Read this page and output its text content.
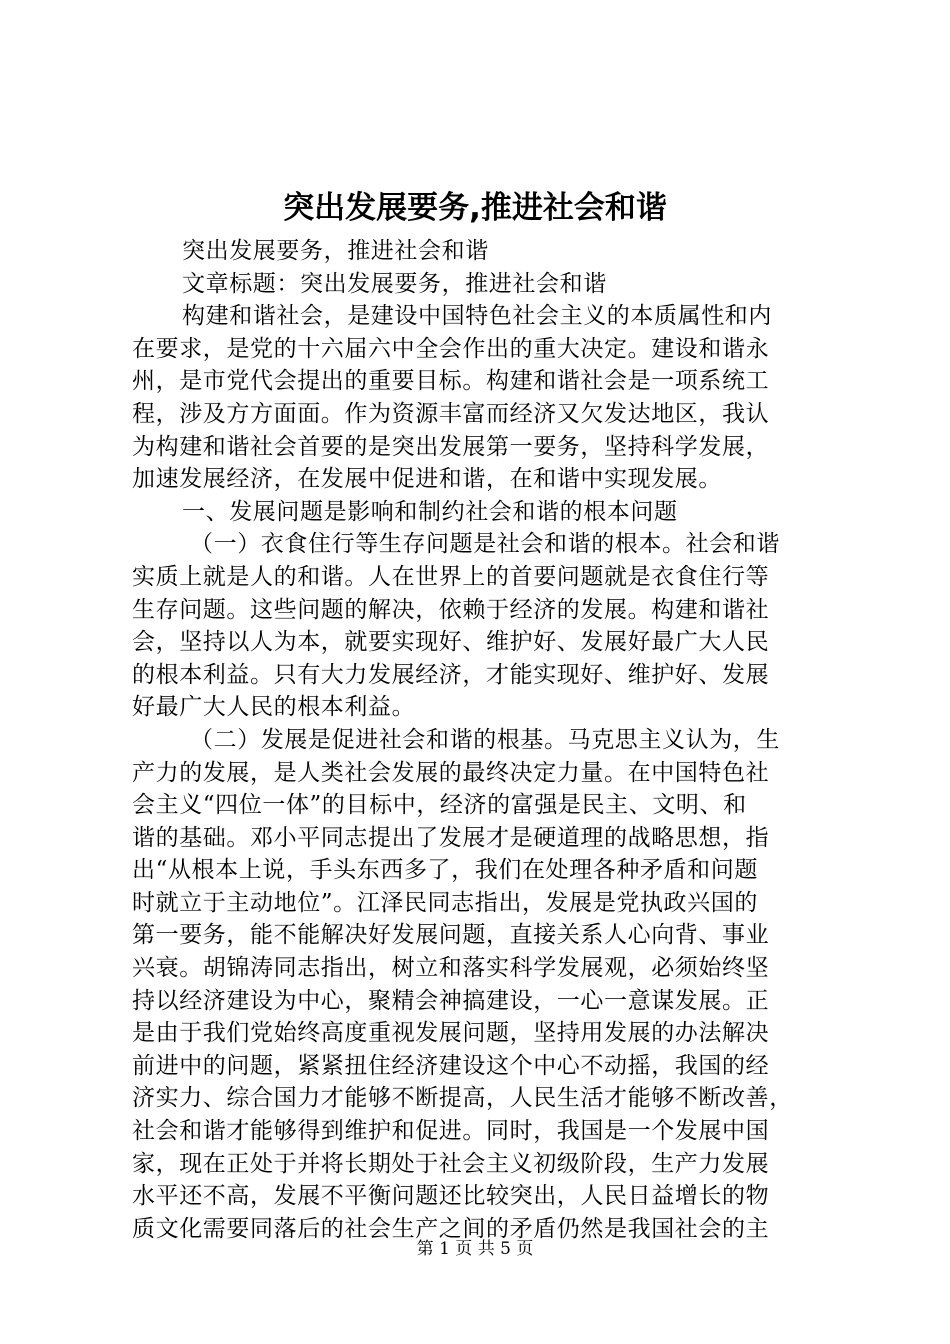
突出发展要务,推进社会和谐
突出发展要务，推进社会和谐
文章标题：突出发展要务，推进社会和谐
构建和谐社会，是建设中国特色社会主义的本质属性和内
在要求，是党的十六届六中全会作出的重大决定。建设和谐永
州，是市党代会提出的重要目标。构建和谐社会是一项系统工
程，涉及方方面面。作为资源丰富而经济又欠发达地区，我认
为构建和谐社会首要的是突出发展第一要务，坚持科学发展，
加速发展经济，在发展中促进和谐，在和谐中实现发展。
一、发展问题是影响和制约社会和谐的根本问题
（一）衣食住行等生存问题是社会和谐的根本。社会和谐
实质上就是人的和谐。人在世界上的首要问题就是衣食住行等
生存问题。这些问题的解决，依赖于经济的发展。构建和谐社
会，坚持以人为本，就要实现好、维护好、发展好最广大人民
的根本利益。只有大力发展经济，才能实现好、维护好、发展
好最广大人民的根本利益。
（二）发展是促进社会和谐的根基。马克思主义认为，生
产力的发展，是人类社会发展的最终决定力量。在中国特色社
会主义“四位一体”的目标中，经济的富强是民主、文明、和
谐的基础。邓小平同志提出了发展才是硬道理的战略思想，指
出“从根本上说，手头东西多了，我们在处理各种矛盾和问题
时就立于主动地位”。江泽民同志指出，发展是党执政兴国的
第一要务，能不能解决好发展问题，直接关系人心向背、事业
兴衰。胡锦涛同志指出，树立和落实科学发展观，必须始终坚
持以经济建设为中心，聚精会神搞建设，一心一意谋发展。正
是由于我们党始终高度重视发展问题，坚持用发展的办法解决
前进中的问题，紧紧扭住经济建设这个中心不动摇，我国的经
济实力、综合国力才能够不断提高，人民生活才能够不断改善，
社会和谐才能够得到维护和促进。同时，我国是一个发展中国
家，现在正处于并将长期处于社会主义初级阶段，生产力发展
水平还不高，发展不平衡问题还比较突出，人民日益增长的物
质文化需要同落后的社会生产之间的矛盾仍然是我国社会的主
第 1 页 共 5 页
